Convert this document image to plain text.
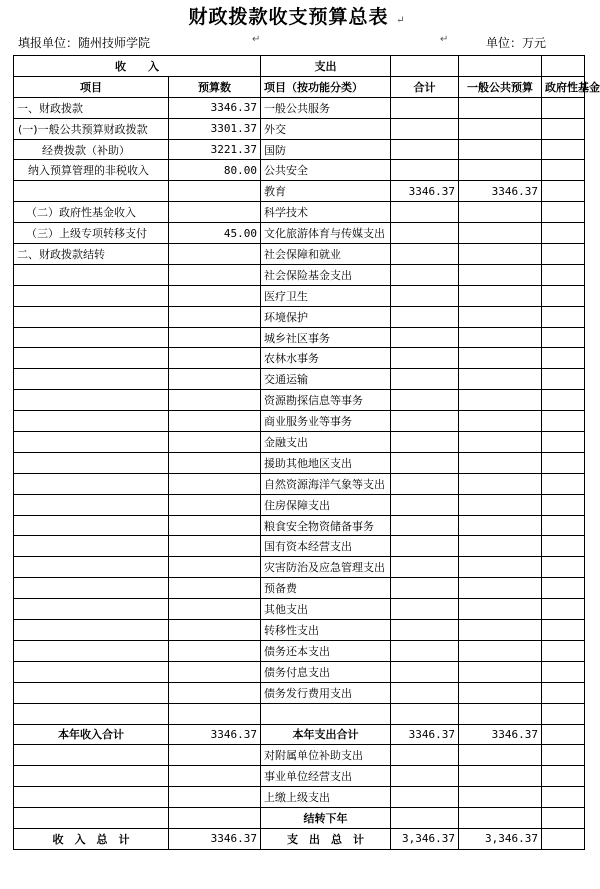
财政拨款收支预算总表 ↵
填报单位：随州技师学院	↵	↵	单位：万元
收　　入		支出			
项目	预算数	项目（按功能分类）	合计	一般公共预算	政府性基金
一、财政拨款	3346.37	一般公共服务			
(一)一般公共预算财政拨款	3301.37	外交			
经费拨款（补助）	3221.37	国防			
纳入预算管理的非税收入	80.00	公共安全			
		教育	3346.37	3346.37	
（二）政府性基金收入		科学技术			
（三）上级专项转移支付	45.00	文化旅游体育与传媒支出			
二、财政拨款结转		社会保障和就业			
		社会保险基金支出			
		医疗卫生			
		环境保护			
		城乡社区事务			
		农林水事务			
		交通运输			
		资源勘探信息等事务			
		商业服务业等事务			
		金融支出			
		援助其他地区支出			
		自然资源海洋气象等支出			
		住房保障支出			
		粮食安全物资储备事务			
		国有资本经营支出			
		灾害防治及应急管理支出			
		预备费			
		其他支出			
		转移性支出			
		债务还本支出			
		债务付息支出			
		债务发行费用支出			

本年收入合计	3346.37	本年支出合计	3346.37	3346.37	
		对附属单位补助支出			
		事业单位经营支出			
		上缴上级支出			
		结转下年			
收　入　总　计	3346.37	支　出　总　计	3,346.37	3,346.37	
